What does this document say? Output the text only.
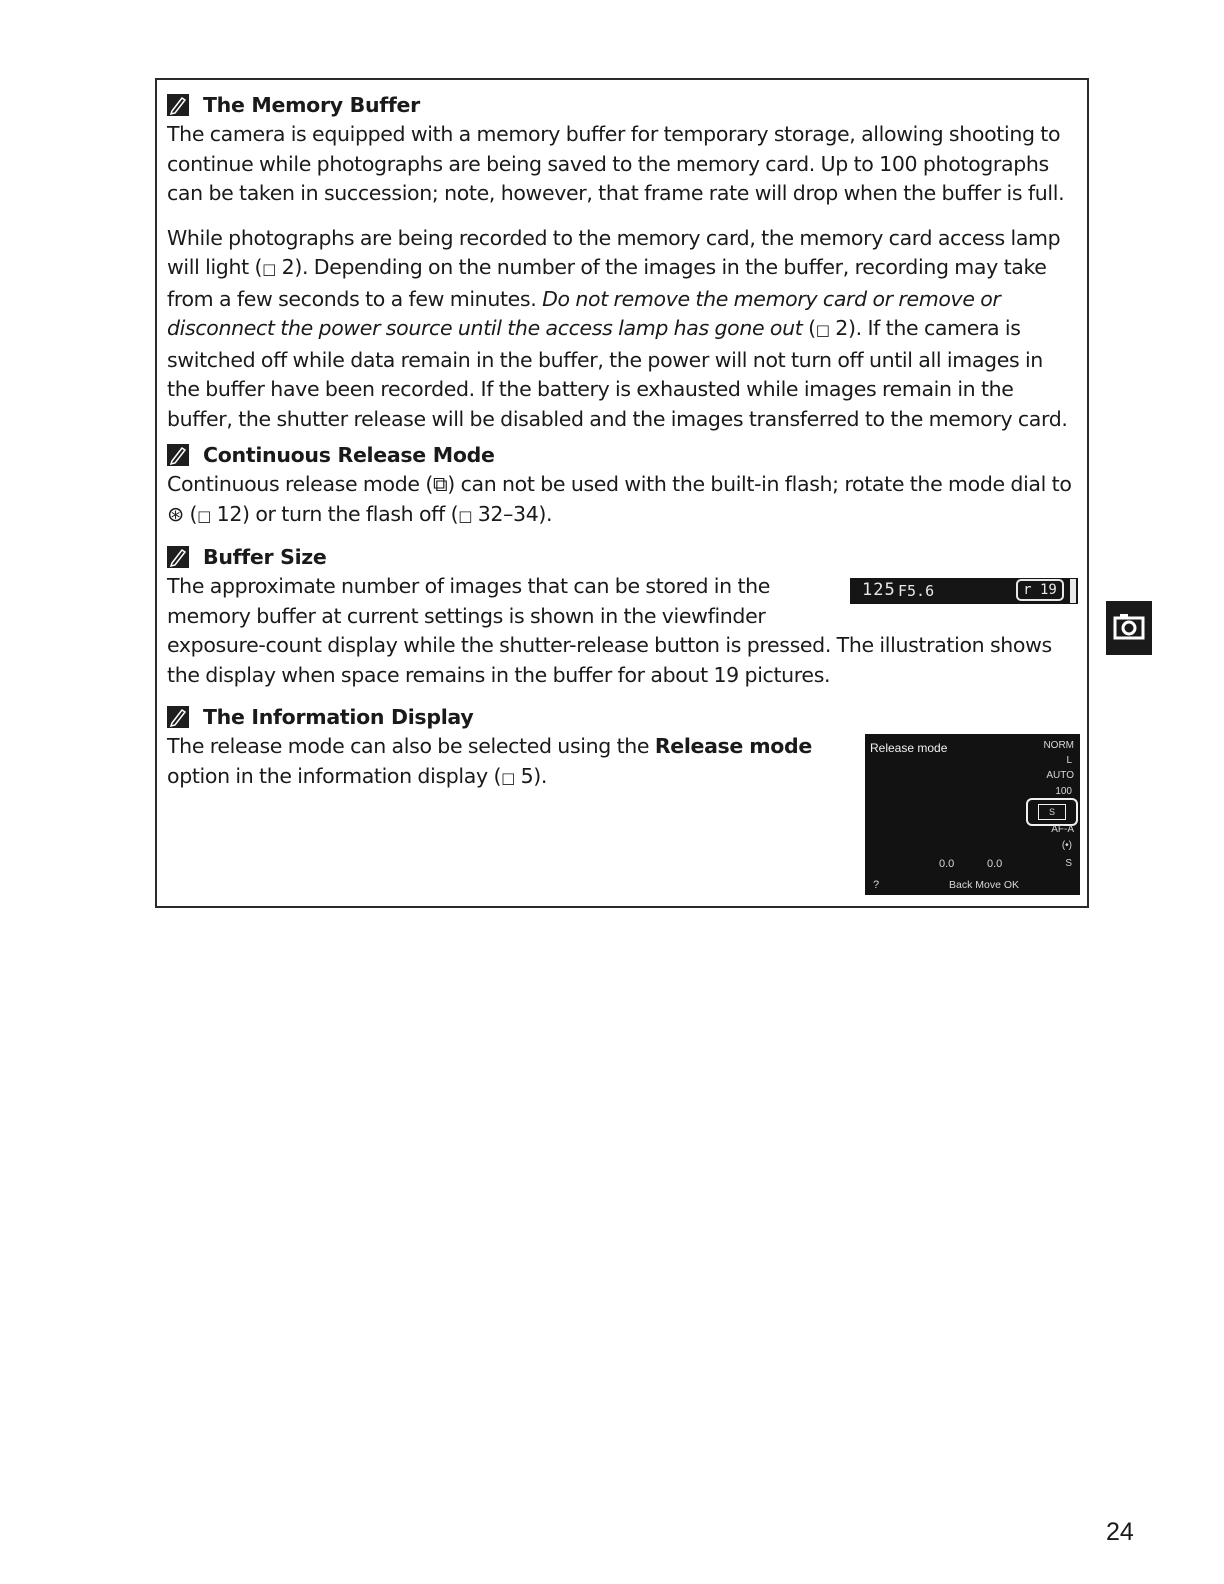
The Memory Buffer

The camera is equipped with a memory buffer for temporary storage, allowing shooting to continue while photographs are being saved to the memory card. Up to 100 photographs can be taken in succession; note, however, that frame rate will drop when the buffer is full.

While photographs are being recorded to the memory card, the memory card access lamp will light (□ 2). Depending on the number of the images in the buffer, recording may take from a few seconds to a few minutes. Do not remove the memory card or remove or disconnect the power source until the access lamp has gone out (□ 2). If the camera is switched off while data remain in the buffer, the power will not turn off until all images in the buffer have been recorded. If the battery is exhausted while images remain in the buffer, the shutter release will be disabled and the images transferred to the memory card.

Continuous Release Mode

Continuous release mode (⧉) can not be used with the built-in flash; rotate the mode dial to ⊛ (□ 12) or turn the flash off (□ 32–34).

Buffer Size

The approximate number of images that can be stored in the memory buffer at current settings is shown in the viewfinder exposure-count display while the shutter-release button is pressed. The illustration shows the display when space remains in the buffer for about 19 pictures.

The Information Display

The release mode can also be selected using the Release mode option in the information display (□ 5).

125 F5.6	r 19
Release mode	NORM
L
AUTO
100
S
AF-A
(•)
0.0	0.0	S
?	Back Move OK
24
